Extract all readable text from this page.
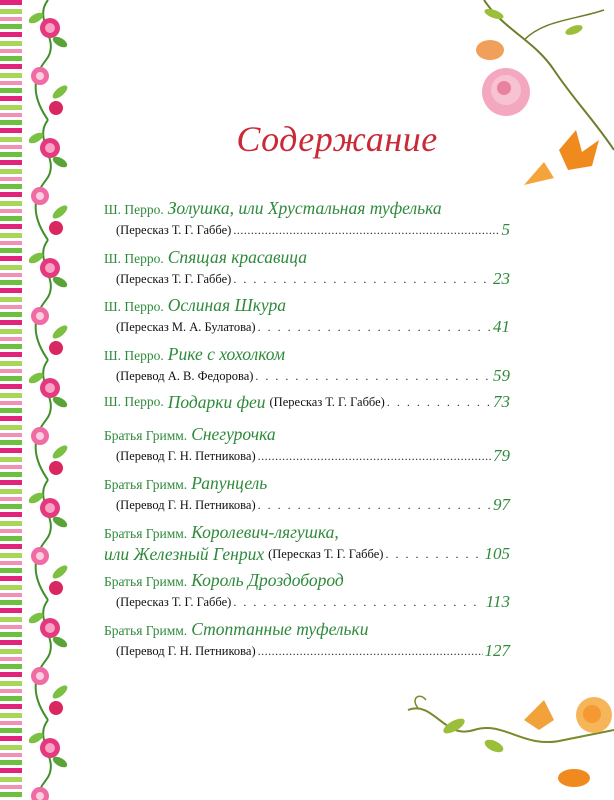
Содержание
Ш. Перро. Золушка, или Хрустальная туфелька
(Пересказ Т. Г. Габбе) .....	5
Ш. Перро. Спящая красавица
(Пересказ Т. Г. Габбе) . . .	23
Ш. Перро. Ослиная Шкура
(Пересказ М. А. Булатова) . . .	41
Ш. Перро. Рике с хохолком
(Перевод А. В. Федорова) . . .	59
Ш. Перро.
Подарки феи
(Пересказ Т. Г. Габбе) . . .	73
Братья Гримм. Снегурочка
(Перевод Г. Н. Петникова) .....	79
Братья Гримм. Рапунцель
(Перевод Г. Н. Петникова) . . .	97
Братья Гримм. Королевич-лягушка,
или Железный Генрих
(Пересказ Т. Г. Габбе) . . .	105
Братья Гримм. Король Дроздобород
(Пересказ Т. Г. Габбе) . . .	113
Братья Гримм. Стоптанные туфельки
(Перевод Г. Н. Петникова) .....	127
